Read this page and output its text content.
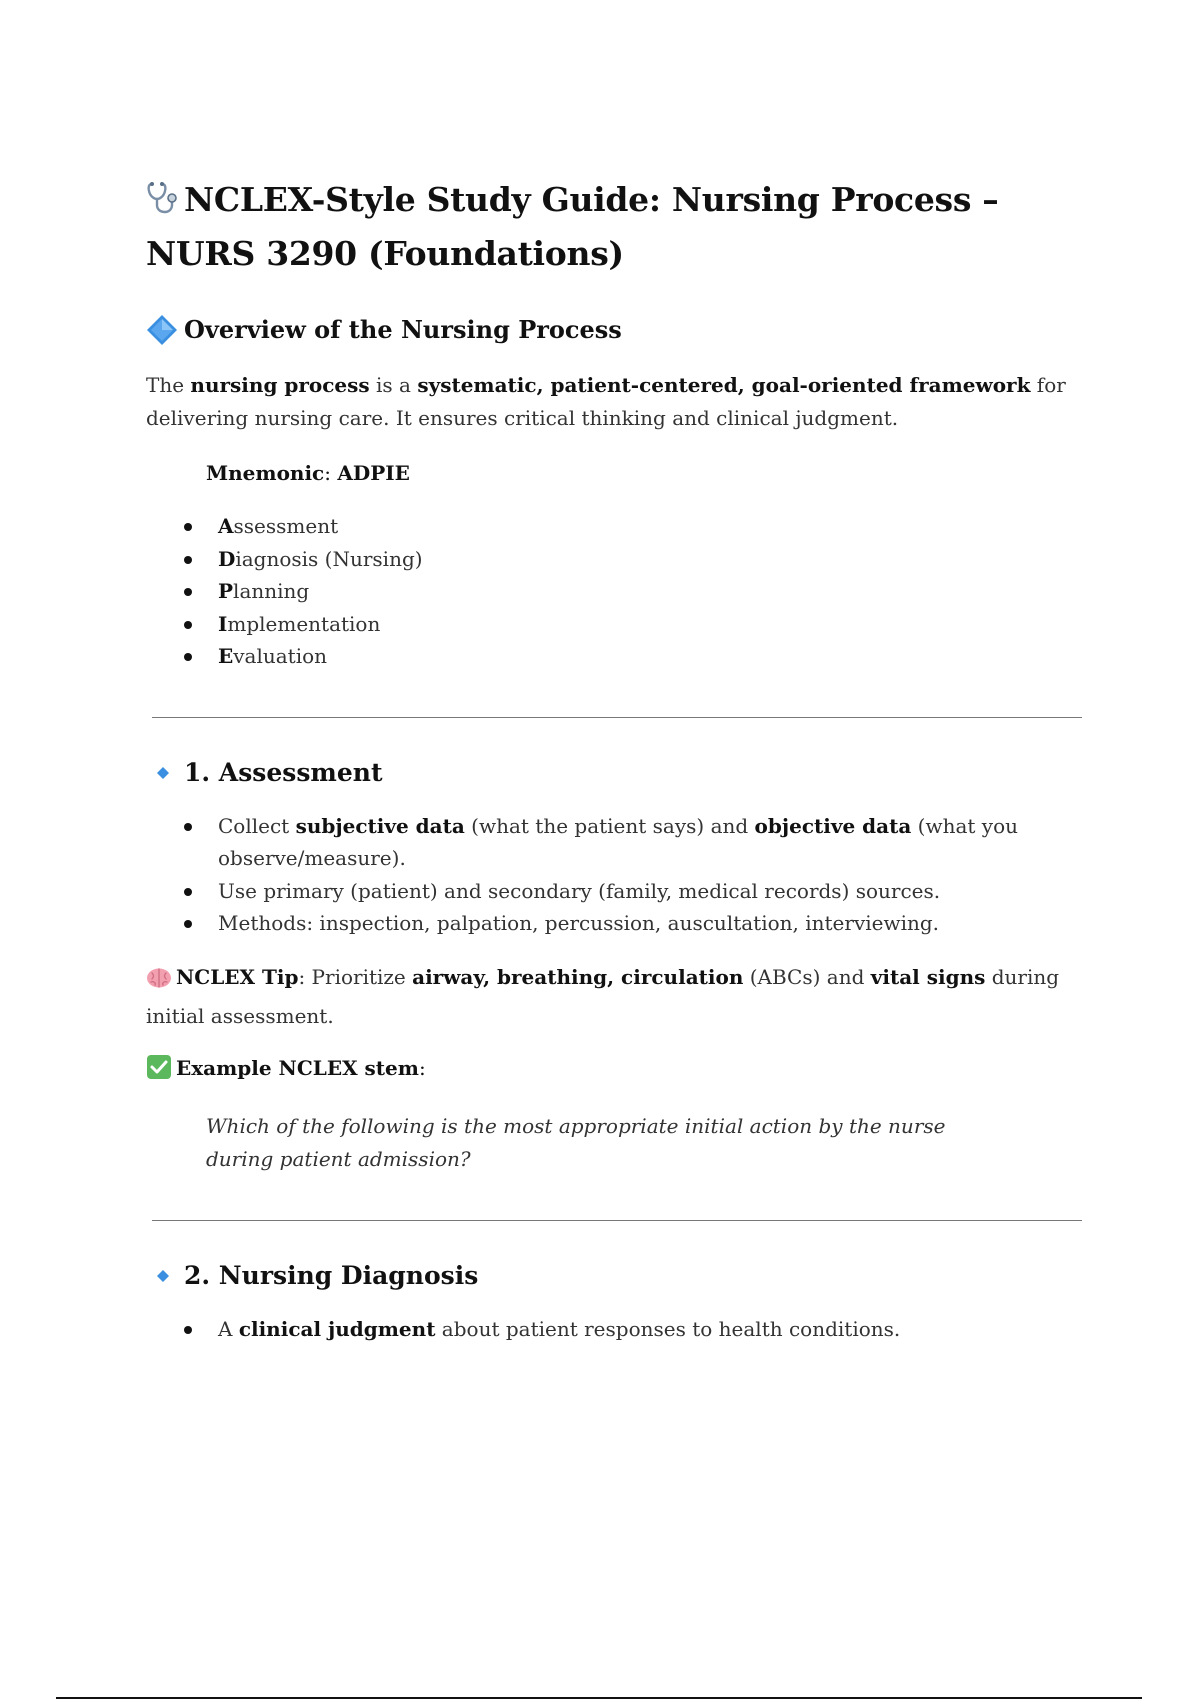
NCLEX-Style Study Guide: Nursing Process – NURS 3290 (Foundations)
Overview of the Nursing Process

The nursing process is a systematic, patient-centered, goal-oriented framework for delivering nursing care. It ensures critical thinking and clinical judgment.

Mnemonic: ADPIE

Assessment
Diagnosis (Nursing)
Planning
Implementation
Evaluation
1. Assessment
Collect subjective data (what the patient says) and objective data (what you observe/measure).
Use primary (patient) and secondary (family, medical records) sources.
Methods: inspection, palpation, percussion, auscultation, interviewing.

NCLEX Tip: Prioritize airway, breathing, circulation (ABCs) and vital signs during initial assessment.

Example NCLEX stem:

Which of the following is the most appropriate initial action by the nurse during patient admission?

2. Nursing Diagnosis
A clinical judgment about patient responses to health conditions.
